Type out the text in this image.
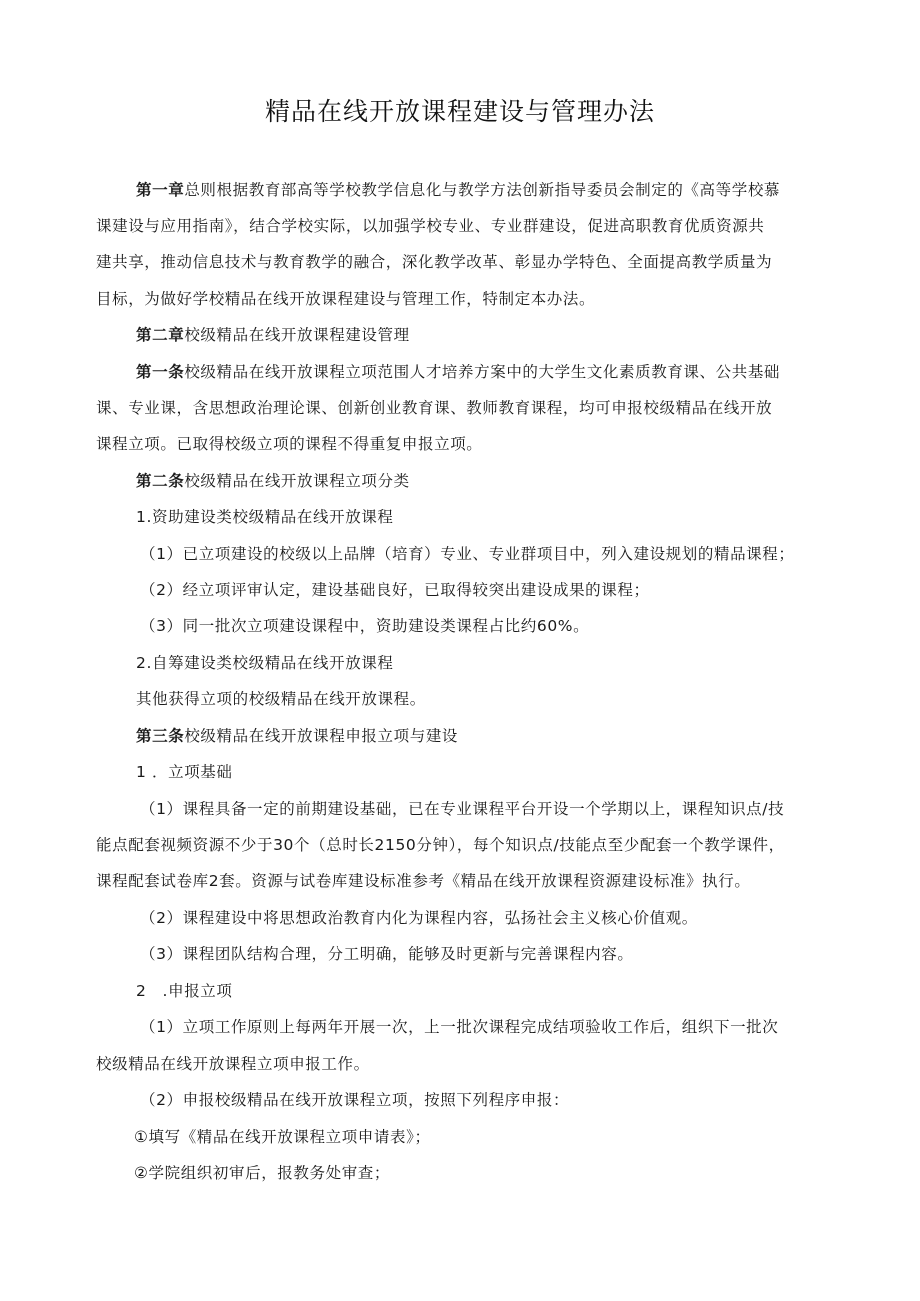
精品在线开放课程建设与管理办法
第一章总则根据教育部高等学校教学信息化与教学方法创新指导委员会制定的《高等学校慕
课建设与应用指南》，结合学校实际，以加强学校专业、专业群建设，促进高职教育优质资源共
建共享，推动信息技术与教育教学的融合，深化教学改革、彰显办学特色、全面提高教学质量为
目标，为做好学校精品在线开放课程建设与管理工作，特制定本办法。
第二章校级精品在线开放课程建设管理
第一条校级精品在线开放课程立项范围人才培养方案中的大学生文化素质教育课、公共基础
课、专业课，含思想政治理论课、创新创业教育课、教师教育课程，均可申报校级精品在线开放
课程立项。已取得校级立项的课程不得重复申报立项。
第二条校级精品在线开放课程立项分类
1.资助建设类校级精品在线开放课程
（1）已立项建设的校级以上品牌（培育）专业、专业群项目中，列入建设规划的精品课程；
（2）经立项评审认定，建设基础良好，已取得较突出建设成果的课程；
（3）同一批次立项建设课程中，资助建设类课程占比约60%。
2.自筹建设类校级精品在线开放课程
其他获得立项的校级精品在线开放课程。
第三条校级精品在线开放课程申报立项与建设
1 ．立项基础
（1）课程具备一定的前期建设基础，已在专业课程平台开设一个学期以上，课程知识点/技
能点配套视频资源不少于30个（总时长2150分钟），每个知识点/技能点至少配套一个教学课件，
课程配套试卷库2套。资源与试卷库建设标准参考《精品在线开放课程资源建设标准》执行。
（2）课程建设中将思想政治教育内化为课程内容，弘扬社会主义核心价值观。
（3）课程团队结构合理，分工明确，能够及时更新与完善课程内容。
2　.申报立项
（1）立项工作原则上每两年开展一次，上一批次课程完成结项验收工作后，组织下一批次
校级精品在线开放课程立项申报工作。
（2）申报校级精品在线开放课程立项，按照下列程序申报：
①填写《精品在线开放课程立项申请表》；
②学院组织初审后，报教务处审查；
